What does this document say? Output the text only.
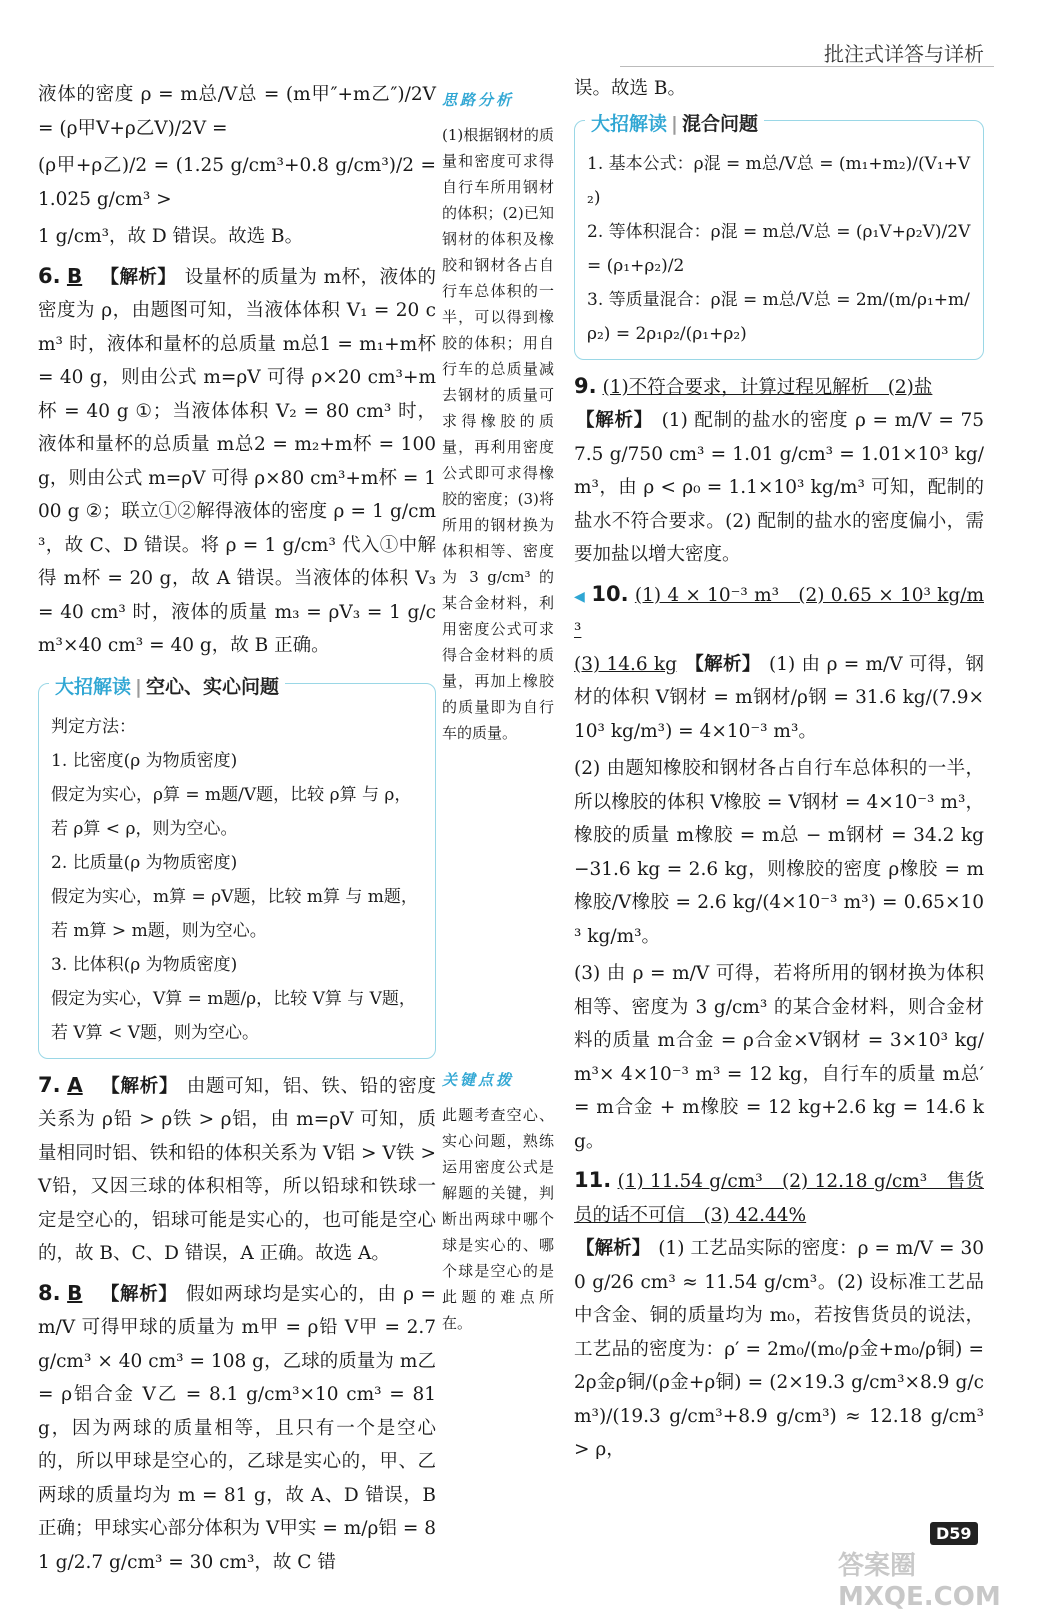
批注式详答与详析

液体的密度 ρ = m总/V总 = (m甲″+m乙″)/2V = (ρ甲V+ρ乙V)/2V =

(ρ甲+ρ乙)/2 = (1.25 g/cm³+0.8 g/cm³)/2 = 1.025 g/cm³ >

1 g/cm³，故 D 错误。故选 B。

6. B 【解析】 设量杯的质量为 m杯，液体的密度为 ρ，由题图可知，当液体体积 V₁ = 20 cm³ 时，液体和量杯的总质量 m总1 = m₁+m杯 = 40 g，则由公式 m=ρV 可得 ρ×20 cm³+m杯 = 40 g ①；当液体体积 V₂ = 80 cm³ 时，液体和量杯的总质量 m总2 = m₂+m杯 = 100 g，则由公式 m=ρV 可得 ρ×80 cm³+m杯 = 100 g ②；联立①②解得液体的密度 ρ = 1 g/cm³，故 C、D 错误。将 ρ = 1 g/cm³ 代入①中解得 m杯 = 20 g，故 A 错误。当液体的体积 V₃ = 40 cm³ 时，液体的质量 m₃ = ρV₃ = 1 g/cm³×40 cm³ = 40 g，故 B 正确。

大招解读 | 空心、实心问题

判定方法：

1. 比密度(ρ 为物质密度)

假定为实心，ρ算 = m题/V题，比较 ρ算 与 ρ，若 ρ算 < ρ，则为空心。

2. 比质量(ρ 为物质密度)

假定为实心，m算 = ρV题，比较 m算 与 m题，若 m算 > m题，则为空心。

3. 比体积(ρ 为物质密度)

假定为实心，V算 = m题/ρ，比较 V算 与 V题，若 V算 < V题，则为空心。

7. A 【解析】 由题可知，铝、铁、铅的密度关系为 ρ铅 > ρ铁 > ρ铝，由 m=ρV 可知，质量相同时铝、铁和铅的体积关系为 V铝 > V铁 > V铅，又因三球的体积相等，所以铅球和铁球一定是空心的，铝球可能是实心的，也可能是空心的，故 B、C、D 错误，A 正确。故选 A。

8. B 【解析】 假如两球均是实心的，由 ρ = m/V 可得甲球的质量为 m甲 = ρ铅 V甲 = 2.7 g/cm³ × 40 cm³ = 108 g，乙球的质量为 m乙 = ρ铝合金 V乙 = 8.1 g/cm³×10 cm³ = 81 g，因为两球的质量相等，且只有一个是空心的，所以甲球是空心的，乙球是实心的，甲、乙两球的质量均为 m = 81 g，故 A、D 错误，B 正确；甲球实心部分体积为 V甲实 = m/ρ铝 = 81 g/2.7 g/cm³ = 30 cm³，故 C 错

思路分析

(1)根据钢材的质量和密度可求得自行车所用钢材的体积；(2)已知钢材的体积及橡胶和钢材各占自行车总体积的一半，可以得到橡胶的体积；用自行车的总质量减去钢材的质量可求得橡胶的质量，再利用密度公式即可求得橡胶的密度；(3)将所用的钢材换为体积相等、密度为 3 g/cm³ 的某合金材料，利用密度公式可求得合金材料的质量，再加上橡胶的质量即为自行车的质量。

关键点拨

此题考查空心、实心问题，熟练运用密度公式是解题的关键，判断出两球中哪个球是实心的、哪个球是空心的是此题的难点所在。

误。故选 B。

大招解读 | 混合问题

1. 基本公式：ρ混 = m总/V总 = (m₁+m₂)/(V₁+V₂)

2. 等体积混合：ρ混 = m总/V总 = (ρ₁V+ρ₂V)/2V = (ρ₁+ρ₂)/2

3. 等质量混合：ρ混 = m总/V总 = 2m/(m/ρ₁+m/ρ₂) = 2ρ₁ρ₂/(ρ₁+ρ₂)

9. (1)不符合要求，计算过程见解析　(2)盐
【解析】 (1) 配制的盐水的密度 ρ = m/V = 757.5 g/750 cm³ = 1.01 g/cm³ = 1.01×10³ kg/m³，由 ρ < ρ₀ = 1.1×10³ kg/m³ 可知，配制的盐水不符合要求。(2) 配制的盐水的密度偏小，需要加盐以增大密度。

◀ 10. (1) 4 × 10⁻³ m³　(2) 0.65 × 10³ kg/m³
(3) 14.6 kg 【解析】 (1) 由 ρ = m/V 可得，钢材的体积 V钢材 = m钢材/ρ钢 = 31.6 kg/(7.9×10³ kg/m³) = 4×10⁻³ m³。

(2) 由题知橡胶和钢材各占自行车总体积的一半，所以橡胶的体积 V橡胶 = V钢材 = 4×10⁻³ m³，橡胶的质量 m橡胶 = m总 − m钢材 = 34.2 kg−31.6 kg = 2.6 kg，则橡胶的密度 ρ橡胶 = m橡胶/V橡胶 = 2.6 kg/(4×10⁻³ m³) = 0.65×10³ kg/m³。

(3) 由 ρ = m/V 可得，若将所用的钢材换为体积相等、密度为 3 g/cm³ 的某合金材料，则合金材料的质量 m合金 = ρ合金×V钢材 = 3×10³ kg/m³× 4×10⁻³ m³ = 12 kg，自行车的质量 m总′ = m合金 + m橡胶 = 12 kg+2.6 kg = 14.6 kg。

11. (1) 11.54 g/cm³　(2) 12.18 g/cm³　售货员的话不可信　(3) 42.44%
【解析】 (1) 工艺品实际的密度：ρ = m/V = 300 g/26 cm³ ≈ 11.54 g/cm³。(2) 设标准工艺品中含金、铜的质量均为 m₀，若按售货员的说法，工艺品的密度为：ρ′ = 2m₀/(m₀/ρ金+m₀/ρ铜) = 2ρ金ρ铜/(ρ金+ρ铜) = (2×19.3 g/cm³×8.9 g/cm³)/(19.3 g/cm³+8.9 g/cm³) ≈ 12.18 g/cm³ > ρ，

D59
答案圈 MXQE.COM
